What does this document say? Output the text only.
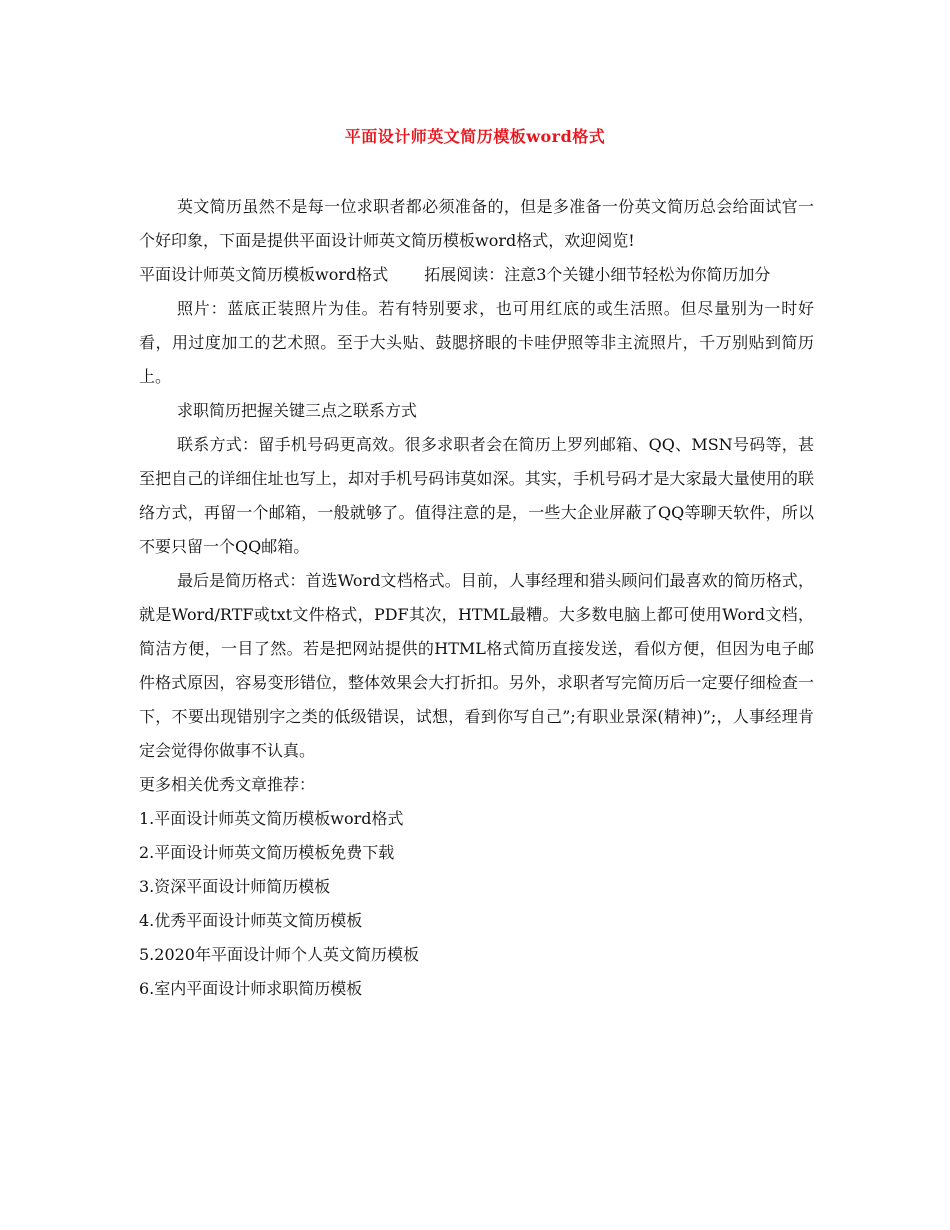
平面设计师英文简历模板word格式

英文简历虽然不是每一位求职者都必须准备的，但是多准备一份英文简历总会给面试官一个好印象，下面是提供平面设计师英文简历模板word格式，欢迎阅览!

平面设计师英文简历模板word格式 拓展阅读：注意3个关键小细节轻松为你简历加分

照片：蓝底正装照片为佳。若有特别要求，也可用红底的或生活照。但尽量别为一时好看，用过度加工的艺术照。至于大头贴、鼓腮挤眼的卡哇伊照等非主流照片，千万别贴到简历上。

求职简历把握关键三点之联系方式

联系方式：留手机号码更高效。很多求职者会在简历上罗列邮箱、QQ、MSN号码等，甚至把自己的详细住址也写上，却对手机号码讳莫如深。其实，手机号码才是大家最大量使用的联络方式，再留一个邮箱，一般就够了。值得注意的是，一些大企业屏蔽了QQ等聊天软件，所以不要只留一个QQ邮箱。

最后是简历格式：首选Word文档格式。目前，人事经理和猎头顾问们最喜欢的简历格式，就是Word/RTF或txt文件格式，PDF其次，HTML最糟。大多数电脑上都可使用Word文档，简洁方便，一目了然。若是把网站提供的HTML格式简历直接发送，看似方便，但因为电子邮件格式原因，容易变形错位，整体效果会大打折扣。另外，求职者写完简历后一定要仔细检查一下，不要出现错别字之类的低级错误，试想，看到你写自己”;有职业景深(精神)”;，人事经理肯定会觉得你做事不认真。

更多相关优秀文章推荐：

1.平面设计师英文简历模板word格式
2.平面设计师英文简历模板免费下载
3.资深平面设计师简历模板
4.优秀平面设计师英文简历模板
5.2020年平面设计师个人英文简历模板
6.室内平面设计师求职简历模板
